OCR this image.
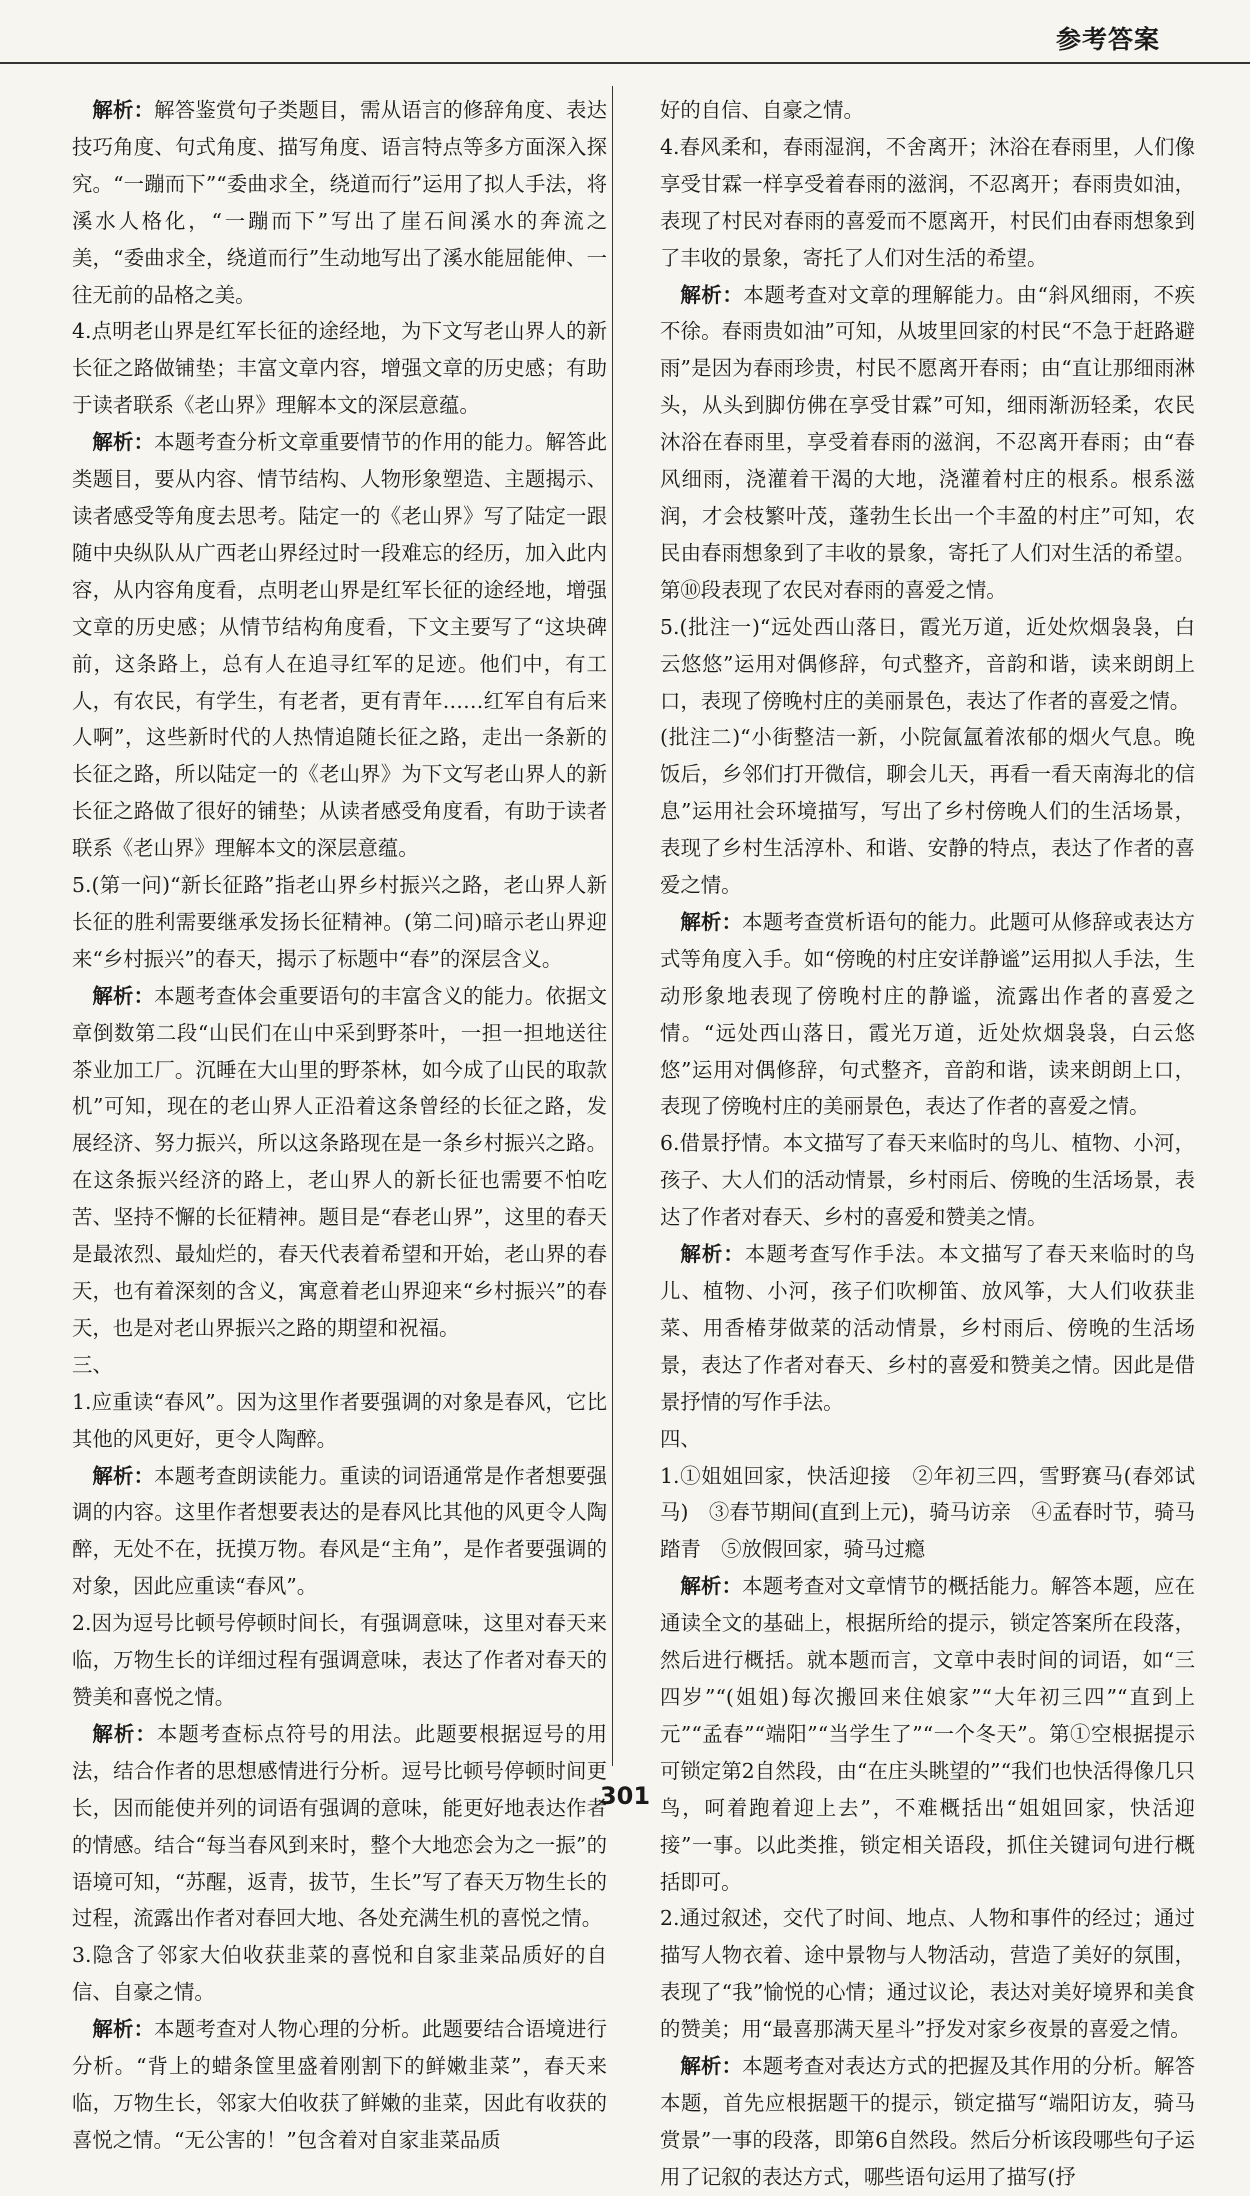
参考答案

解析：解答鉴赏句子类题目，需从语言的修辞角度、表达技巧角度、句式角度、描写角度、语言特点等多方面深入探究。“一蹦而下”“委曲求全，绕道而行”运用了拟人手法，将溪水人格化，“一蹦而下”写出了崖石间溪水的奔流之美，“委曲求全，绕道而行”生动地写出了溪水能屈能伸、一往无前的品格之美。

4.点明老山界是红军长征的途经地，为下文写老山界人的新长征之路做铺垫；丰富文章内容，增强文章的历史感；有助于读者联系《老山界》理解本文的深层意蕴。

解析：本题考查分析文章重要情节的作用的能力。解答此类题目，要从内容、情节结构、人物形象塑造、主题揭示、读者感受等角度去思考。陆定一的《老山界》写了陆定一跟随中央纵队从广西老山界经过时一段难忘的经历，加入此内容，从内容角度看，点明老山界是红军长征的途经地，增强文章的历史感；从情节结构角度看，下文主要写了“这块碑前，这条路上，总有人在追寻红军的足迹。他们中，有工人，有农民，有学生，有老者，更有青年……红军自有后来人啊”，这些新时代的人热情追随长征之路，走出一条新的长征之路，所以陆定一的《老山界》为下文写老山界人的新长征之路做了很好的铺垫；从读者感受角度看，有助于读者联系《老山界》理解本文的深层意蕴。

5.(第一问)“新长征路”指老山界乡村振兴之路，老山界人新长征的胜利需要继承发扬长征精神。(第二问)暗示老山界迎来“乡村振兴”的春天，揭示了标题中“春”的深层含义。

解析：本题考查体会重要语句的丰富含义的能力。依据文章倒数第二段“山民们在山中采到野茶叶，一担一担地送往茶业加工厂。沉睡在大山里的野茶林，如今成了山民的取款机”可知，现在的老山界人正沿着这条曾经的长征之路，发展经济、努力振兴，所以这条路现在是一条乡村振兴之路。在这条振兴经济的路上，老山界人的新长征也需要不怕吃苦、坚持不懈的长征精神。题目是“春老山界”，这里的春天是最浓烈、最灿烂的，春天代表着希望和开始，老山界的春天，也有着深刻的含义，寓意着老山界迎来“乡村振兴”的春天，也是对老山界振兴之路的期望和祝福。

三、

1.应重读“春风”。因为这里作者要强调的对象是春风，它比其他的风更好，更令人陶醉。

解析：本题考查朗读能力。重读的词语通常是作者想要强调的内容。这里作者想要表达的是春风比其他的风更令人陶醉，无处不在，抚摸万物。春风是“主角”，是作者要强调的对象，因此应重读“春风”。

2.因为逗号比顿号停顿时间长，有强调意味，这里对春天来临，万物生长的详细过程有强调意味，表达了作者对春天的赞美和喜悦之情。

解析：本题考查标点符号的用法。此题要根据逗号的用法，结合作者的思想感情进行分析。逗号比顿号停顿时间更长，因而能使并列的词语有强调的意味，能更好地表达作者的情感。结合“每当春风到来时，整个大地恋会为之一振”的语境可知，“苏醒，返青，拔节，生长”写了春天万物生长的过程，流露出作者对春回大地、各处充满生机的喜悦之情。

3.隐含了邻家大伯收获韭菜的喜悦和自家韭菜品质好的自信、自豪之情。

解析：本题考查对人物心理的分析。此题要结合语境进行分析。“背上的蜡条筐里盛着刚割下的鲜嫩韭菜”，春天来临，万物生长，邻家大伯收获了鲜嫩的韭菜，因此有收获的喜悦之情。“无公害的！”包含着对自家韭菜品质

好的自信、自豪之情。

4.春风柔和，春雨湿润，不舍离开；沐浴在春雨里，人们像享受甘霖一样享受着春雨的滋润，不忍离开；春雨贵如油，表现了村民对春雨的喜爱而不愿离开，村民们由春雨想象到了丰收的景象，寄托了人们对生活的希望。

解析：本题考查对文章的理解能力。由“斜风细雨，不疾不徐。春雨贵如油”可知，从坡里回家的村民“不急于赶路避雨”是因为春雨珍贵，村民不愿离开春雨；由“直让那细雨淋头，从头到脚仿佛在享受甘霖”可知，细雨渐沥轻柔，农民沐浴在春雨里，享受着春雨的滋润，不忍离开春雨；由“春风细雨，浇灌着干渴的大地，浇灌着村庄的根系。根系滋润，才会枝繁叶茂，蓬勃生长出一个丰盈的村庄”可知，农民由春雨想象到了丰收的景象，寄托了人们对生活的希望。第⑩段表现了农民对春雨的喜爱之情。

5.(批注一)“远处西山落日，霞光万道，近处炊烟袅袅，白云悠悠”运用对偶修辞，句式整齐，音韵和谐，读来朗朗上口，表现了傍晚村庄的美丽景色，表达了作者的喜爱之情。

(批注二)“小街整洁一新，小院氤氲着浓郁的烟火气息。晚饭后，乡邻们打开微信，聊会儿天，再看一看天南海北的信息”运用社会环境描写，写出了乡村傍晚人们的生活场景，表现了乡村生活淳朴、和谐、安静的特点，表达了作者的喜爱之情。

解析：本题考查赏析语句的能力。此题可从修辞或表达方式等角度入手。如“傍晚的村庄安详静谧”运用拟人手法，生动形象地表现了傍晚村庄的静谧，流露出作者的喜爱之情。“远处西山落日，霞光万道，近处炊烟袅袅，白云悠悠”运用对偶修辞，句式整齐，音韵和谐，读来朗朗上口，表现了傍晚村庄的美丽景色，表达了作者的喜爱之情。

6.借景抒情。本文描写了春天来临时的鸟儿、植物、小河，孩子、大人们的活动情景，乡村雨后、傍晚的生活场景，表达了作者对春天、乡村的喜爱和赞美之情。

解析：本题考查写作手法。本文描写了春天来临时的鸟儿、植物、小河，孩子们吹柳笛、放风筝，大人们收获韭菜、用香椿芽做菜的活动情景，乡村雨后、傍晚的生活场景，表达了作者对春天、乡村的喜爱和赞美之情。因此是借景抒情的写作手法。

四、

1.①姐姐回家，快活迎接　②年初三四，雪野赛马(春郊试马)　③春节期间(直到上元)，骑马访亲　④孟春时节，骑马踏青　⑤放假回家，骑马过瘾

解析：本题考查对文章情节的概括能力。解答本题，应在通读全文的基础上，根据所给的提示，锁定答案所在段落，然后进行概括。就本题而言，文章中表时间的词语，如“三四岁”“(姐姐)每次搬回来住娘家”“大年初三四”“直到上元”“孟春”“端阳”“当学生了”“一个冬天”。第①空根据提示可锁定第2自然段，由“在庄头眺望的”“我们也快活得像几只鸟，呵着跑着迎上去”，不难概括出“姐姐回家，快活迎接”一事。以此类推，锁定相关语段，抓住关键词句进行概括即可。

2.通过叙述，交代了时间、地点、人物和事件的经过；通过描写人物衣着、途中景物与人物活动，营造了美好的氛围，表现了“我”愉悦的心情；通过议论，表达对美好境界和美食的赞美；用“最喜那满天星斗”抒发对家乡夜景的喜爱之情。

解析：本题考查对表达方式的把握及其作用的分析。解答本题，首先应根据题干的提示，锁定描写“端阳访友，骑马赏景”一事的段落，即第6自然段。然后分析该段哪些句子运用了记叙的表达方式，哪些语句运用了描写(抒

301
